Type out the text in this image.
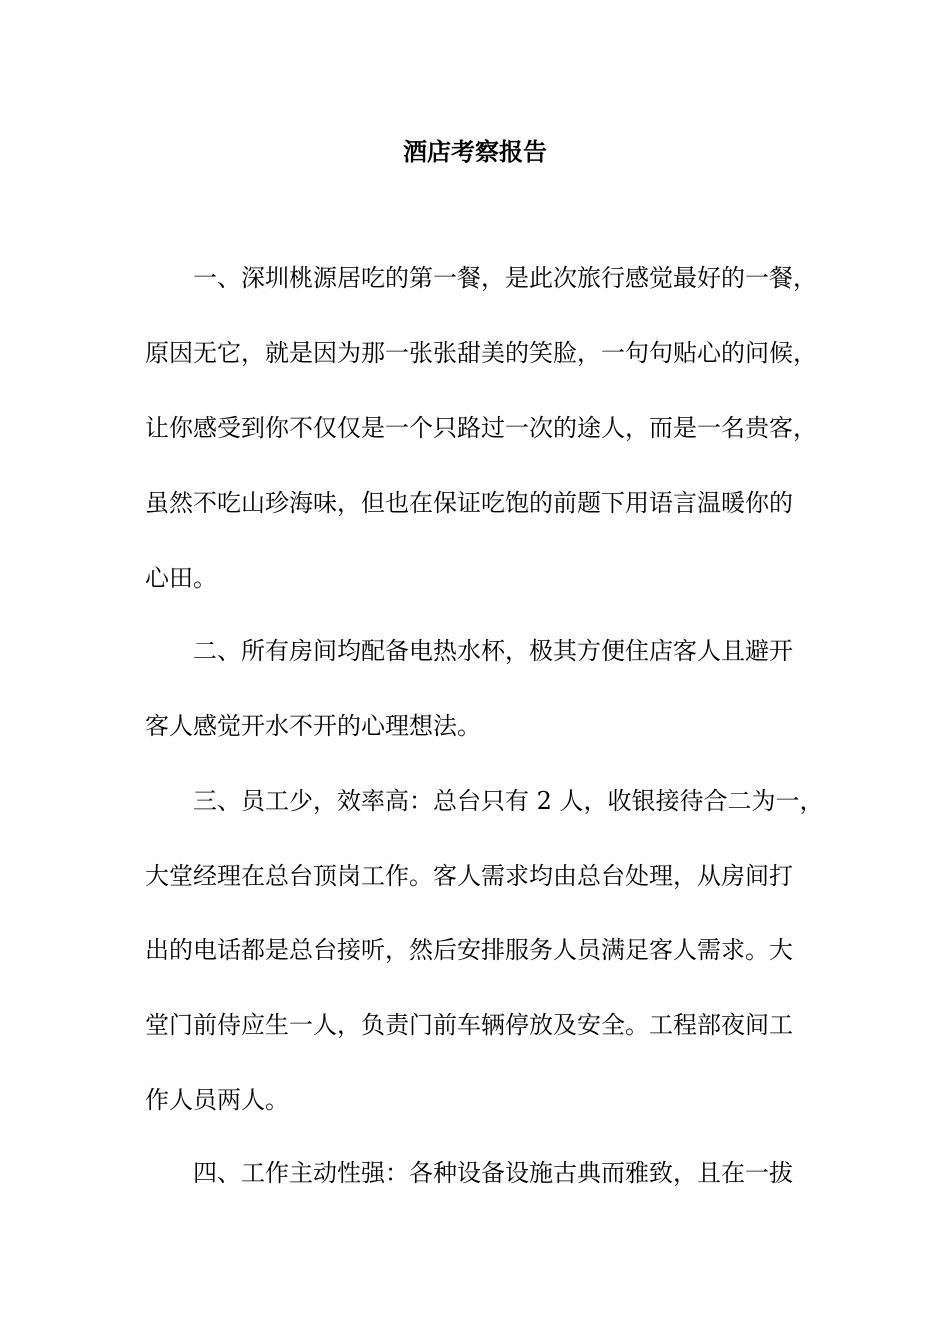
酒店考察报告
一、深圳桃源居吃的第一餐，是此次旅行感觉最好的一餐，
原因无它，就是因为那一张张甜美的笑脸，一句句贴心的问候，
让你感受到你不仅仅是一个只路过一次的途人，而是一名贵客，
虽然不吃山珍海味，但也在保证吃饱的前题下用语言温暖你的
心田。
二、所有房间均配备电热水杯，极其方便住店客人且避开
客人感觉开水不开的心理想法。
三、员工少，效率高：总台只有 2 人，收银接待合二为一，
大堂经理在总台顶岗工作。客人需求均由总台处理，从房间打
出的电话都是总台接听，然后安排服务人员满足客人需求。大
堂门前侍应生一人，负责门前车辆停放及安全。工程部夜间工
作人员两人。
四、工作主动性强：各种设备设施古典而雅致，且在一拔
